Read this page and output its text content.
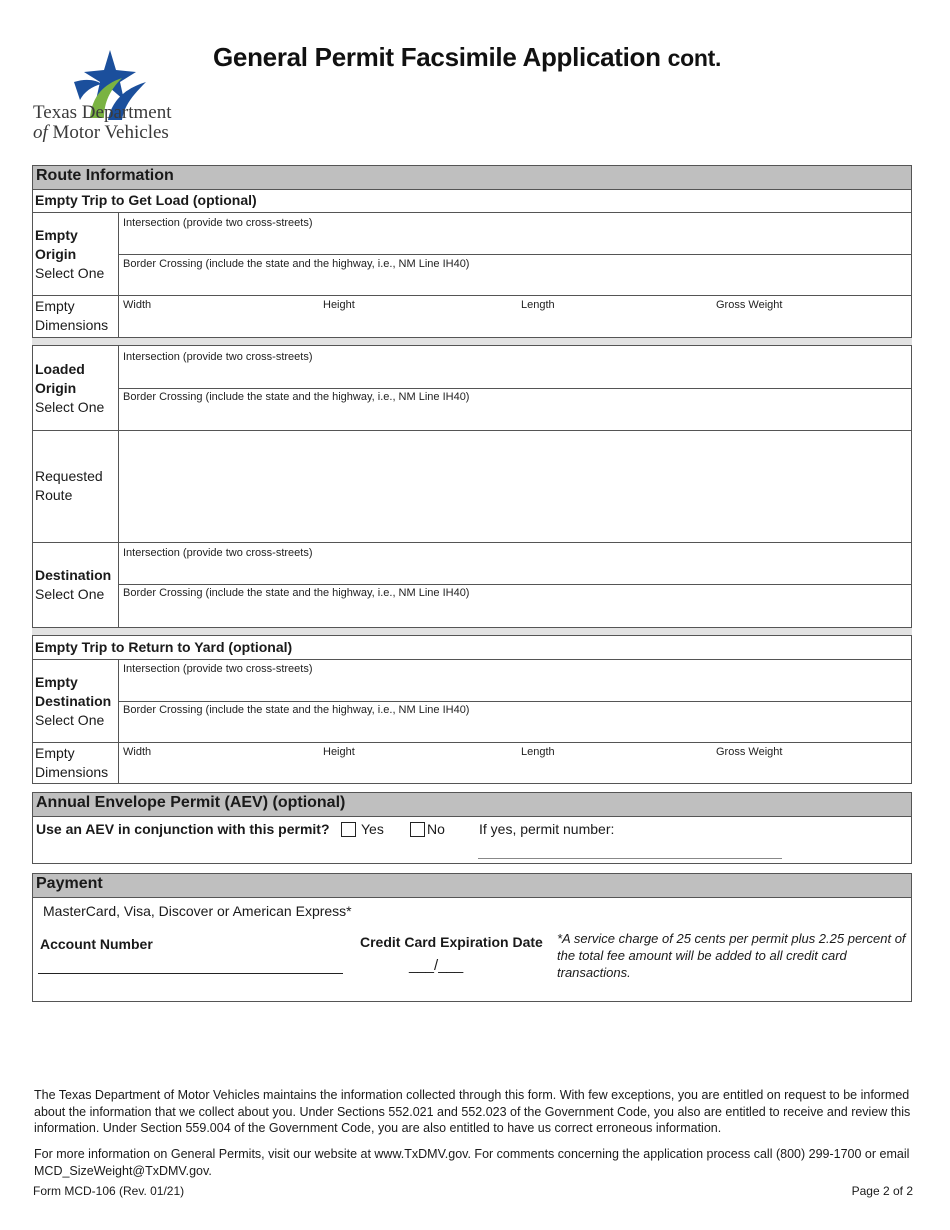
Texas Department
of Motor Vehicles
General Permit Facsimile Application cont.
Route Information
Empty Trip to Get Load (optional)
Empty Origin
Select One
Intersection (provide two cross-streets)
Border Crossing (include the state and the highway, i.e., NM Line IH40)
Empty Dimensions
Width	Height	Length	Gross Weight
Loaded Origin
Select One
Intersection (provide two cross-streets)
Border Crossing (include the state and the highway, i.e., NM Line IH40)
Requested Route
Destination
Select One
Intersection (provide two cross-streets)
Border Crossing (include the state and the highway, i.e., NM Line IH40)
Empty Trip to Return to Yard (optional)
Empty Destination
Select One
Intersection (provide two cross-streets)
Border Crossing (include the state and the highway, i.e., NM Line IH40)
Empty Dimensions
Width	Height	Length	Gross Weight
Annual Envelope Permit (AEV) (optional)
Use an AEV in conjunction with this permit? Yes	No If yes, permit number:
Payment
MasterCard, Visa, Discover or American Express*
Account Number	Credit Card Expiration Date
___/___
*A service charge of 25 cents per permit plus 2.25 percent of the total fee amount will be added to all credit card transactions.
The Texas Department of Motor Vehicles maintains the information collected through this form. With few exceptions, you are entitled on request to be informed about the information that we collect about you. Under Sections 552.021 and 552.023 of the Government Code, you also are entitled to receive and review this information. Under Section 559.004 of the Government Code, you are also entitled to have us correct erroneous information.
For more information on General Permits, visit our website at www.TxDMV.gov. For comments concerning the application process call (800) 299-1700 or email MCD_SizeWeight@TxDMV.gov.
Form MCD-106 (Rev. 01/21)	Page 2 of 2
